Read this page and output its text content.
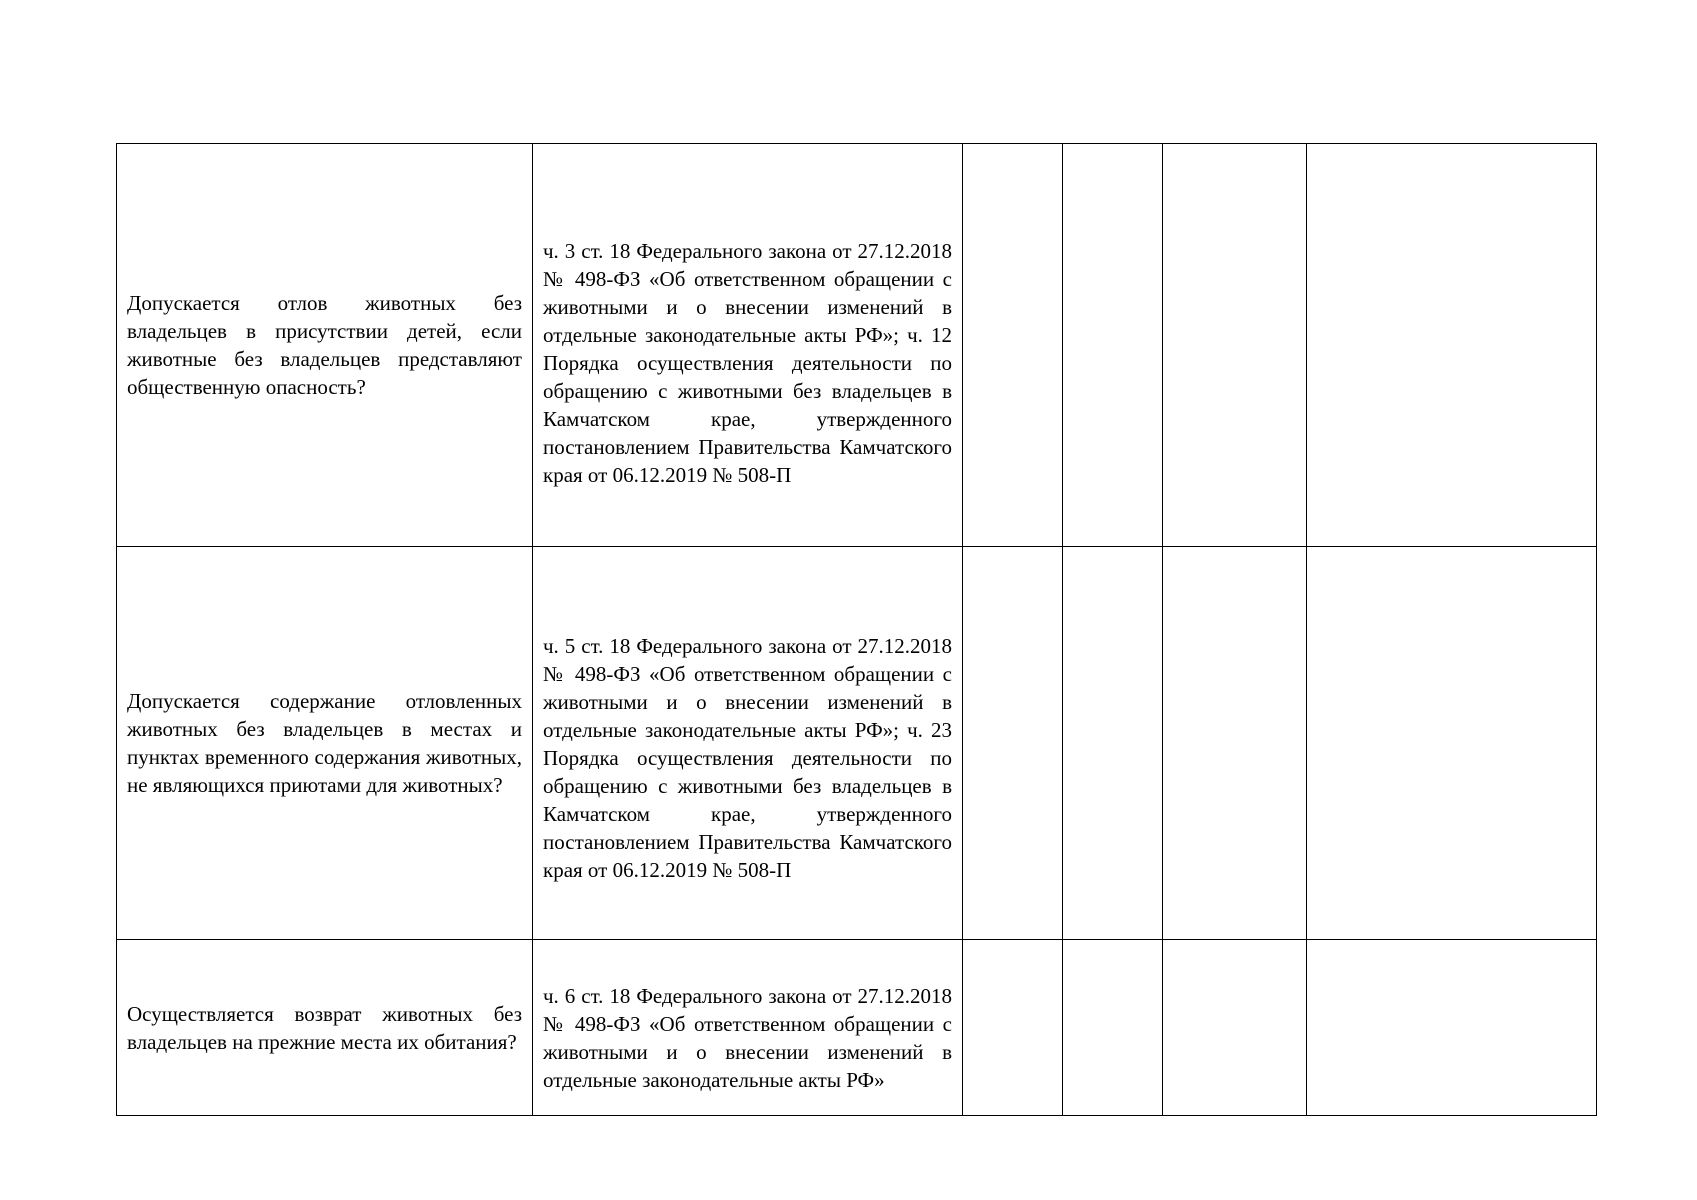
Допускается отлов животных без владельцев в присутствии детей, если животные без владельцев представляют общественную опасность?	ч. 3 ст. 18 Федерального закона от 27.12.2018 № 498-ФЗ «Об ответственном обращении с животными и о внесении изменений в отдельные законодательные акты РФ»; ч. 12 Порядка осуществления деятельности по обращению с животными без владельцев в Камчатском крае, утвержденного постановлением Правительства Камчатского края от 06.12.2019 № 508-П				

Допускается содержание отловленных животных без владельцев в местах и пунктах временного содержания животных, не являющихся приютами для животных?	ч. 5 ст. 18 Федерального закона от 27.12.2018 № 498-ФЗ «Об ответственном обращении с животными и о внесении изменений в отдельные законодательные акты РФ»; ч. 23 Порядка осуществления деятельности по обращению с животными без владельцев в Камчатском крае, утвержденного постановлением Правительства Камчатского края от 06.12.2019 № 508-П				

Осуществляется возврат животных без владельцев на прежние места их обитания?	ч. 6 ст. 18 Федерального закона от 27.12.2018 № 498-ФЗ «Об ответственном обращении с животными и о внесении изменений в отдельные законодательные акты РФ»				
